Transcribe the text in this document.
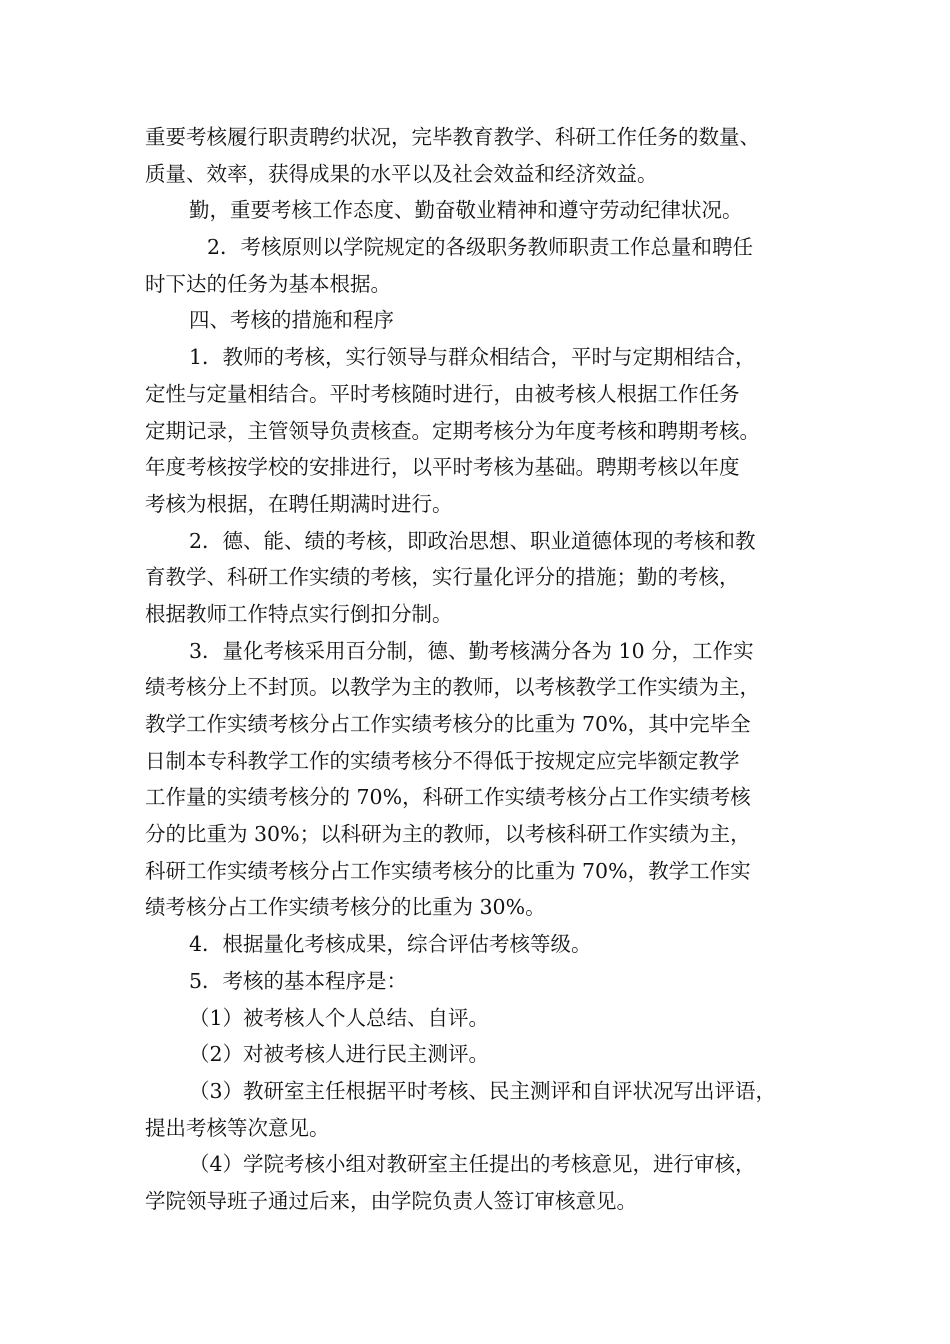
重要考核履行职责聘约状况，完毕教育教学、科研工作任务的数量、
质量、效率，获得成果的水平以及社会效益和经济效益。
勤，重要考核工作态度、勤奋敬业精神和遵守劳动纪律状况。
2．考核原则以学院规定的各级职务教师职责工作总量和聘任
时下达的任务为基本根据。
四、考核的措施和程序
1．教师的考核，实行领导与群众相结合，平时与定期相结合，
定性与定量相结合。平时考核随时进行，由被考核人根据工作任务
定期记录，主管领导负责核查。定期考核分为年度考核和聘期考核。
年度考核按学校的安排进行，以平时考核为基础。聘期考核以年度
考核为根据，在聘任期满时进行。
2．德、能、绩的考核，即政治思想、职业道德体现的考核和教
育教学、科研工作实绩的考核，实行量化评分的措施；勤的考核，
根据教师工作特点实行倒扣分制。
3．量化考核采用百分制，德、勤考核满分各为 10 分，工作实
绩考核分上不封顶。以教学为主的教师，以考核教学工作实绩为主，
教学工作实绩考核分占工作实绩考核分的比重为 70%，其中完毕全
日制本专科教学工作的实绩考核分不得低于按规定应完毕额定教学
工作量的实绩考核分的 70%，科研工作实绩考核分占工作实绩考核
分的比重为 30%；以科研为主的教师，以考核科研工作实绩为主，
科研工作实绩考核分占工作实绩考核分的比重为 70%，教学工作实
绩考核分占工作实绩考核分的比重为 30%。
4．根据量化考核成果，综合评估考核等级。
5．考核的基本程序是：
（1）被考核人个人总结、自评。
（2）对被考核人进行民主测评。
（3）教研室主任根据平时考核、民主测评和自评状况写出评语，
提出考核等次意见。
（4）学院考核小组对教研室主任提出的考核意见，进行审核，
学院领导班子通过后来，由学院负责人签订审核意见。
